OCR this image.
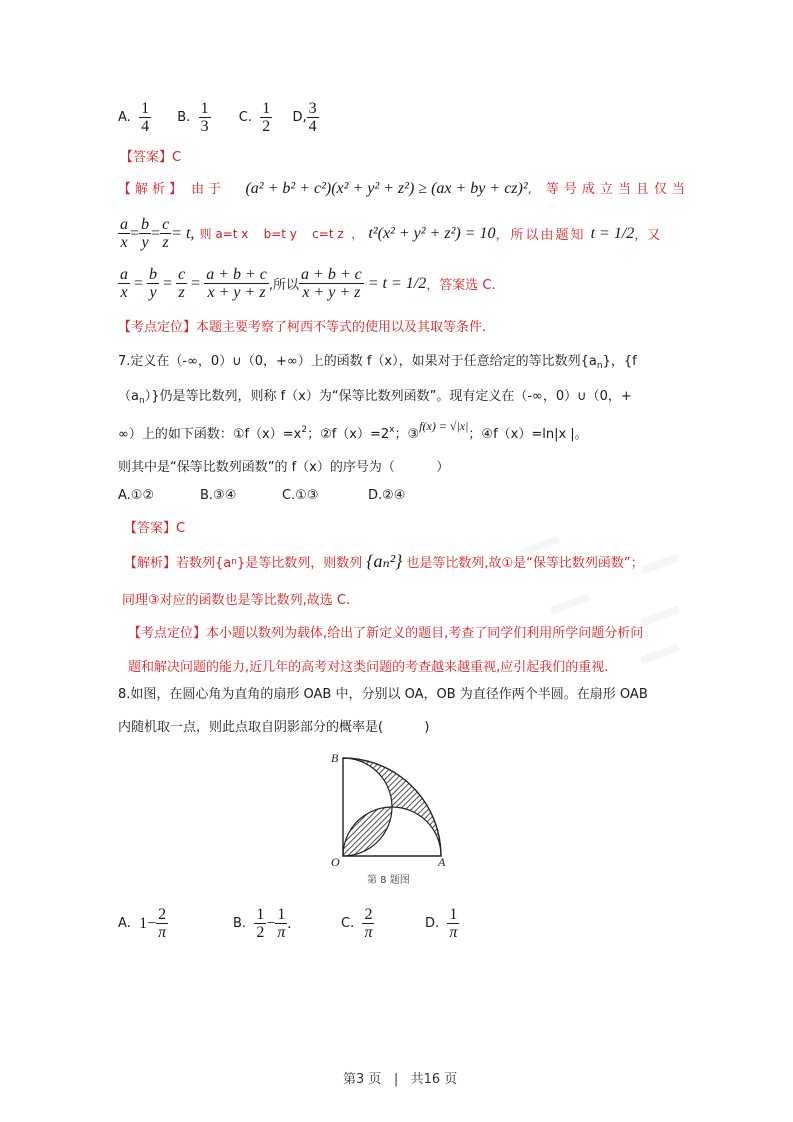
A.
$\frac{1}{4}$
B.
$\frac{1}{3}$
C.
$\frac{1}{2}$
D, $\frac{3}{4}$
【答案】C
【解析】 由于 (a² + b² + c²)(x² + y² + z²) ≥ (ax + by + cz)², 等号成立当且仅当
$\frac{a}{x} = \frac{b}{y} = \frac{c}{z} = t$,
则 a=t x    b=t y    c=t z  ，
t²(x² + y² + z²) = 10 ，所以由题知
t = 1/2 ，又
$\frac{a}{x} = \frac{b}{y} = \frac{c}{z} = \frac{a + b + c}{x + y + z}$ ,所以 $\frac{a + b + c}{x + y + z}$
= t = 1/2 ，答案选 C.
【考点定位】本题主要考察了柯西不等式的使用以及其取等条件.
7.定义在（-∞，0）∪（0，+∞）上的函数 f（x），如果对于任意给定的等比数列$\{a_n\}$，{f
$(a_n)$}仍是等比数列，则称 f（x）为“保等比数列函数”。现有定义在（-∞，0）∪（0，+
∞）上的如下函数：$①f(x)=x^2$；$②f(x)=2^x$；③f(x) = √|x|；④f（x）=ln|x |。
则其中是“保等比数列函数”的 f（x）的序号为（          ）
A.①②	B.③④	C.①③	D.②④
【答案】C
【解析】 若数列{a n }是等比数列，则数列 {aₙ²} 也是等比数列,故①是“保等比数列函数”；
同理③对应的函数也是等比数列,故选 C.
【考点定位】本小题以数列为载体,给出了新定义的题目,考查了同学们利用所学问题分析问
题和解决问题的能力,近几年的高考对这类问题的考查越来越重视,应引起我们的重视.
8.如图，在圆心角为直角的扇形 OAB 中，分别以 OA，OB 为直径作两个半圆。在扇形 OAB
内随机取一点，则此点取自阴影部分的概率是(          )
B
O	A
第 8 题图
A.
$1- \frac{2}{\pi}$	B.
$\frac{1}{2} - \frac{1}{\pi}$ .	C.
$\frac{2}{\pi}$	D.
$\frac{1}{\pi}$
第3 页 | 共16 页
